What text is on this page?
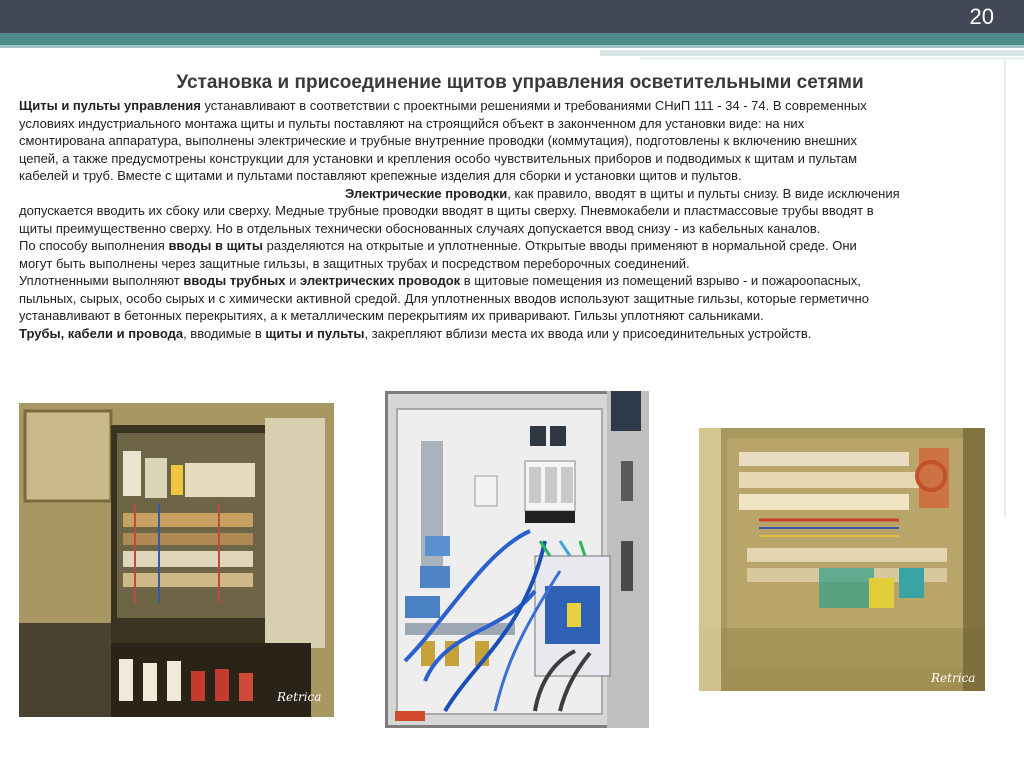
20
Установка и присоединение щитов управления осветительными сетями
Щиты и пульты управления устанавливают в соответствии с проектными решениями и требованиями СНиП 111 - 34 - 74. В современных
условиях индустриального монтажа щиты и пульты поставляют на строящийся объект в законченном для установки виде: на них
смонтирована аппаратура, выполнены электрические и трубные внутренние проводки (коммутация), подготовлены к включению внешних
цепей, а также предусмотрены конструкции для установки и крепления особо чувствительных приборов и подводимых к щитам и пультам
кабелей и труб. Вместе с щитами и пультами поставляют крепежные изделия для сборки и установки щитов и пультов.
Электрические проводки, как правило, вводят в щиты и пульты снизу. В виде исключения
допускается вводить их сбоку или сверху. Медные трубные проводки вводят в щиты сверху. Пневмокабели и пластмассовые трубы вводят в
щиты преимущественно сверху. Но в отдельных технически обоснованных случаях допускается ввод снизу - из кабельных каналов.
По способу выполнения вводы в щиты разделяются на открытые и уплотненные. Открытые вводы применяют в нормальной среде. Они
могут быть выполнены через защитные гильзы, в защитных трубах и посредством переборочных соединений.
Уплотненными выполняют вводы трубных и электрических проводок в щитовые помещения из помещений взрыво - и пожароопасных,
пыльных, сырых, особо сырых и с химически активной средой. Для уплотненных вводов используют защитные гильзы, которые герметично
устанавливают в бетонных перекрытиях, а к металлическим перекрытиям их приваривают. Гильзы уплотняют сальниками.
Трубы, кабели и провода, вводимые в щиты и пульты, закрепляют вблизи места их ввода или у присоединительных устройств.
Retrica
Retrica
